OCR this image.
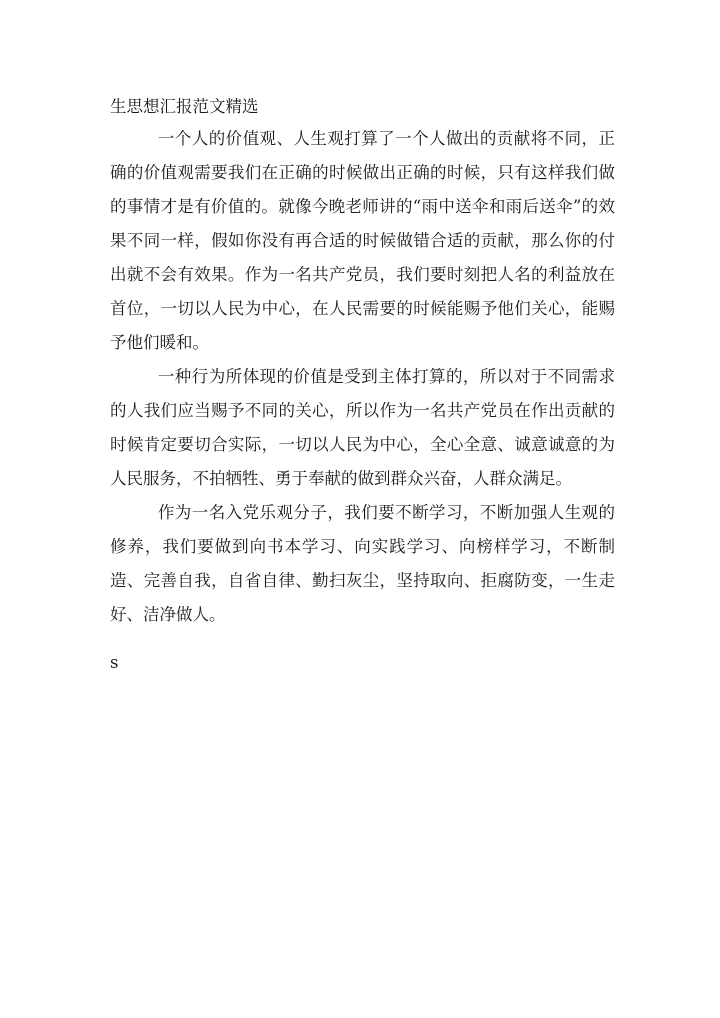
生思想汇报范文精选

一个人的价值观、人生观打算了一个人做出的贡献将不同，正确的价值观需要我们在正确的时候做出正确的时候，只有这样我们做的事情才是有价值的。就像今晚老师讲的“雨中送伞和雨后送伞”的效果不同一样，假如你没有再合适的时候做错合适的贡献，那么你的付出就不会有效果。作为一名共产党员，我们要时刻把人名的利益放在首位，一切以人民为中心，在人民需要的时候能赐予他们关心，能赐予他们暖和。

一种行为所体现的价值是受到主体打算的，所以对于不同需求的人我们应当赐予不同的关心，所以作为一名共产党员在作出贡献的时候肯定要切合实际，一切以人民为中心，全心全意、诚意诚意的为人民服务，不拍牺牲、勇于奉献的做到群众兴奋，人群众满足。

作为一名入党乐观分子，我们要不断学习，不断加强人生观的修养，我们要做到向书本学习、向实践学习、向榜样学习，不断制造、完善自我，自省自律、勤扫灰尘，坚持取向、拒腐防变，一生走好、洁净做人。

s
